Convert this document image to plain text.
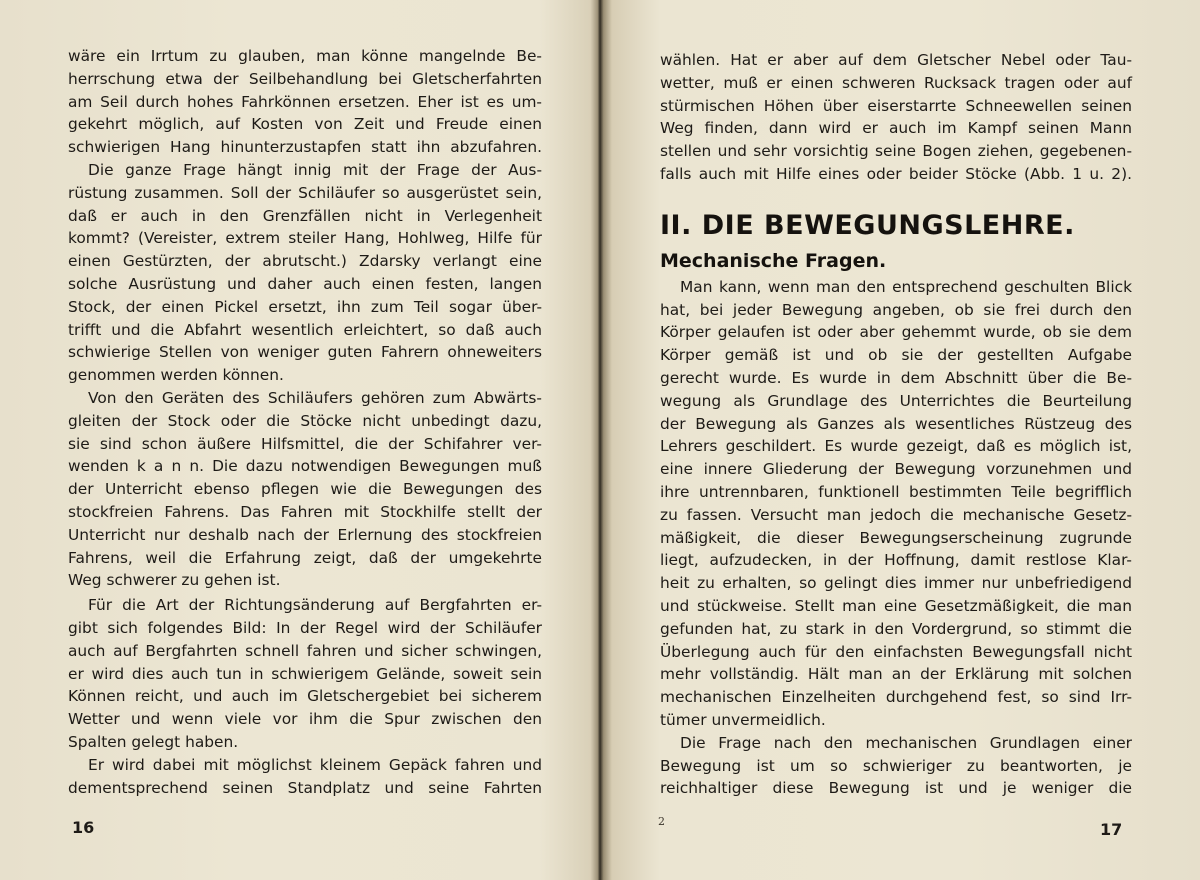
wäre ein Irrtum zu glauben, man könne mangelnde Be-
herrschung etwa der Seilbehandlung bei Gletscherfahrten
am Seil durch hohes Fahrkönnen ersetzen. Eher ist es um-
gekehrt möglich, auf Kosten von Zeit und Freude einen
schwierigen Hang hinunterzustapfen statt ihn abzufahren.
Die ganze Frage hängt innig mit der Frage der Aus-
rüstung zusammen. Soll der Schiläufer so ausgerüstet sein,
daß er auch in den Grenzfällen nicht in Verlegenheit
kommt? (Vereister, extrem steiler Hang, Hohlweg, Hilfe für
einen Gestürzten, der abrutscht.) Zdarsky verlangt eine
solche Ausrüstung und daher auch einen festen, langen
Stock, der einen Pickel ersetzt, ihn zum Teil sogar über-
trifft und die Abfahrt wesentlich erleichtert, so daß auch
schwierige Stellen von weniger guten Fahrern ohneweiters
genommen werden können.
Von den Geräten des Schiläufers gehören zum Abwärts-
gleiten der Stock oder die Stöcke nicht unbedingt dazu,
sie sind schon äußere Hilfsmittel, die der Schifahrer ver-
wenden k a n n. Die dazu notwendigen Bewegungen muß
der Unterricht ebenso pflegen wie die Bewegungen des
stockfreien Fahrens. Das Fahren mit Stockhilfe stellt der
Unterricht nur deshalb nach der Erlernung des stockfreien
Fahrens, weil die Erfahrung zeigt, daß der umgekehrte
Weg schwerer zu gehen ist.
Für die Art der Richtungsänderung auf Bergfahrten er-
gibt sich folgendes Bild: In der Regel wird der Schiläufer
auch auf Bergfahrten schnell fahren und sicher schwingen,
er wird dies auch tun in schwierigem Gelände, soweit sein
Können reicht, und auch im Gletschergebiet bei sicherem
Wetter und wenn viele vor ihm die Spur zwischen den
Spalten gelegt haben.
Er wird dabei mit möglichst kleinem Gepäck fahren und
dementsprechend seinen Standplatz und seine Fahrten
16
wählen. Hat er aber auf dem Gletscher Nebel oder Tau-
wetter, muß er einen schweren Rucksack tragen oder auf
stürmischen Höhen über eiserstarrte Schneewellen seinen
Weg finden, dann wird er auch im Kampf seinen Mann
stellen und sehr vorsichtig seine Bogen ziehen, gegebenen-
falls auch mit Hilfe eines oder beider Stöcke (Abb. 1 u. 2).
II. DIE BEWEGUNGSLEHRE.
Mechanische Fragen.
Man kann, wenn man den entsprechend geschulten Blick
hat, bei jeder Bewegung angeben, ob sie frei durch den
Körper gelaufen ist oder aber gehemmt wurde, ob sie dem
Körper gemäß ist und ob sie der gestellten Aufgabe
gerecht wurde. Es wurde in dem Abschnitt über die Be-
wegung als Grundlage des Unterrichtes die Beurteilung
der Bewegung als Ganzes als wesentliches Rüstzeug des
Lehrers geschildert. Es wurde gezeigt, daß es möglich ist,
eine innere Gliederung der Bewegung vorzunehmen und
ihre untrennbaren, funktionell bestimmten Teile begrifflich
zu fassen. Versucht man jedoch die mechanische Gesetz-
mäßigkeit, die dieser Bewegungserscheinung zugrunde
liegt, aufzudecken, in der Hoffnung, damit restlose Klar-
heit zu erhalten, so gelingt dies immer nur unbefriedigend
und stückweise. Stellt man eine Gesetzmäßigkeit, die man
gefunden hat, zu stark in den Vordergrund, so stimmt die
Überlegung auch für den einfachsten Bewegungsfall nicht
mehr vollständig. Hält man an der Erklärung mit solchen
mechanischen Einzelheiten durchgehend fest, so sind Irr-
tümer unvermeidlich.
Die Frage nach den mechanischen Grundlagen einer
Bewegung ist um so schwieriger zu beantworten, je
reichhaltiger diese Bewegung ist und je weniger die
2	17
